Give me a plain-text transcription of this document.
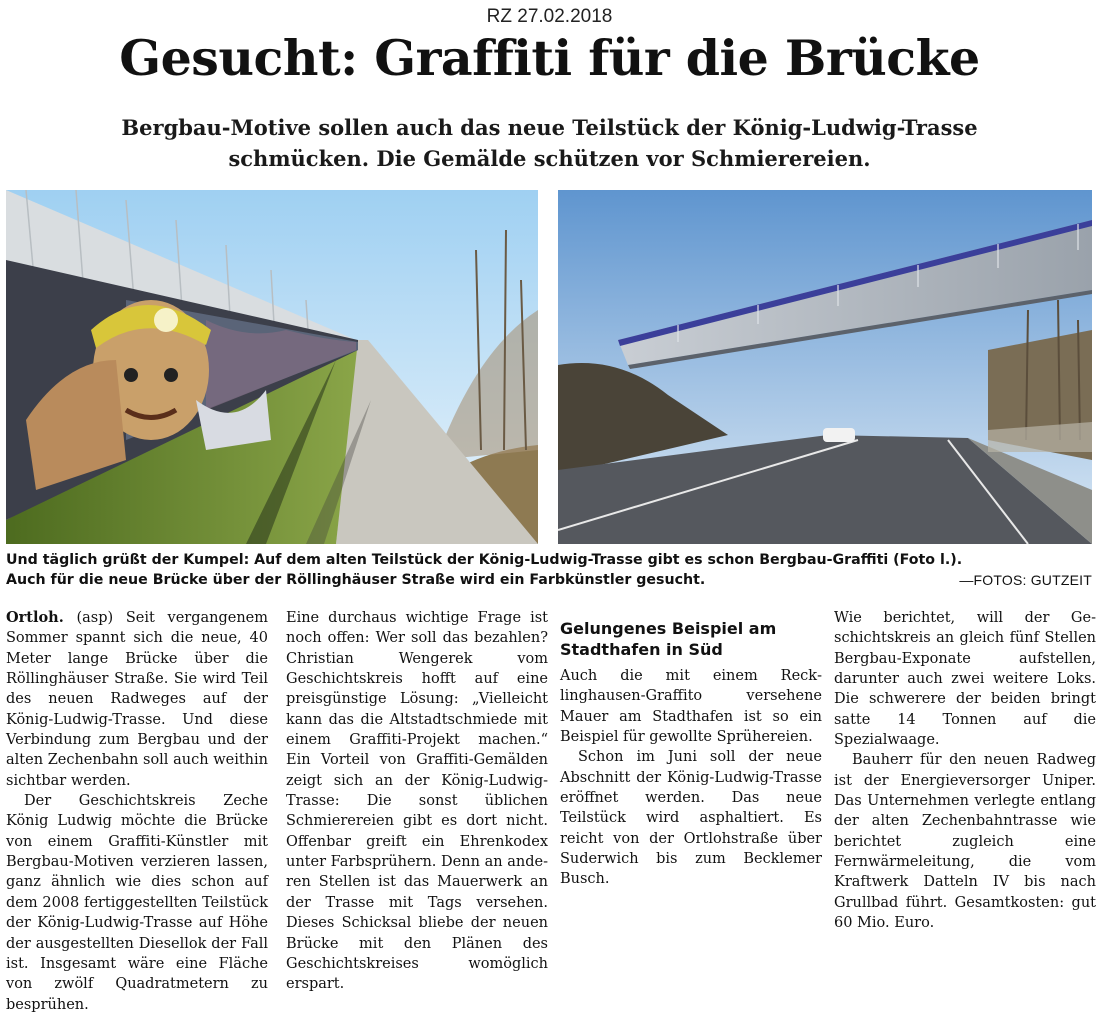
RZ 27.02.2018
Gesucht: Graffiti für die Brücke
Bergbau-Motive sollen auch das neue Teilstück der König-Ludwig-Trasse
schmücken. Die Gemälde schützen vor Schmierereien.
Und täglich grüßt der Kumpel: Auf dem alten Teilstück der König-Ludwig-Trasse gibt es schon Bergbau-Graffiti (Foto l.).
Auch für die neue Brücke über der Röllinghäuser Straße wird ein Farbkünstler gesucht.	—FOTOS: GUTZEIT

Ortloh. (asp) Seit vergangenem Sommer spannt sich die neue, 40 Meter lange Brücke über die Röllinghäuser Straße. Sie wird Teil des neuen Radweges auf der König-Ludwig-Trasse. Und diese Verbindung zum Bergbau und der alten Zechenbahn soll auch weithin sichtbar werden.

Der Geschichtskreis Zeche König Ludwig möchte die Brücke von einem Graffiti-Künstler mit Bergbau-Motiven verzieren lassen, ganz ähnlich wie dies schon auf dem 2008 fertiggestellten Teilstück der König-Ludwig-Trasse auf Höhe der ausgestellten Diesellok der Fall ist. Insgesamt wäre eine Fläche von zwölf Quadratmetern zu besprühen.

Eine durchaus wichtige Frage ist noch offen: Wer soll das bezahlen? Christian Wengerek vom Geschichtskreis hofft auf eine preisgünstige Lösung: „Vielleicht kann das die Altstadtschmiede mit einem Graffiti-Projekt machen.“ Ein Vorteil von Graffiti-Gemälden zeigt sich an der König-Ludwig-Trasse: Die sonst üblichen Schmierereien gibt es dort nicht. Offenbar greift ein Ehrenkodex unter Farbsprühern. Denn an anderen Stellen ist das Mauerwerk an der Trasse mit Tags versehen. Dieses Schicksal bliebe der neuen Brücke mit den Plänen des Geschichtskreises womöglich erspart.

Gelungenes Beispiel am Stadthafen in Süd

Auch die mit einem Recklinghausen-Graffito versehene Mauer am Stadthafen ist so ein Beispiel für gewollte Sprühereien.

Schon im Juni soll der neue Abschnitt der König-Ludwig-Trasse eröffnet werden. Das neue Teilstück wird asphaltiert. Es reicht von der Ortlohstraße über Suderwich bis zum Becklemer Busch.

Wie berichtet, will der Geschichtskreis an gleich fünf Stellen Bergbau-Exponate aufstellen, darunter auch zwei weitere Loks. Die schwerere der beiden bringt satte 14 Tonnen auf die Spezialwaage.

Bauherr für den neuen Radweg ist der Energieversorger Uniper. Das Unternehmen verlegte entlang der alten Zechenbahntrasse wie berichtet zugleich eine Fernwärmeleitung, die vom Kraftwerk Datteln IV bis nach Grullbad führt. Gesamtkosten: gut 60 Mio. Euro.
